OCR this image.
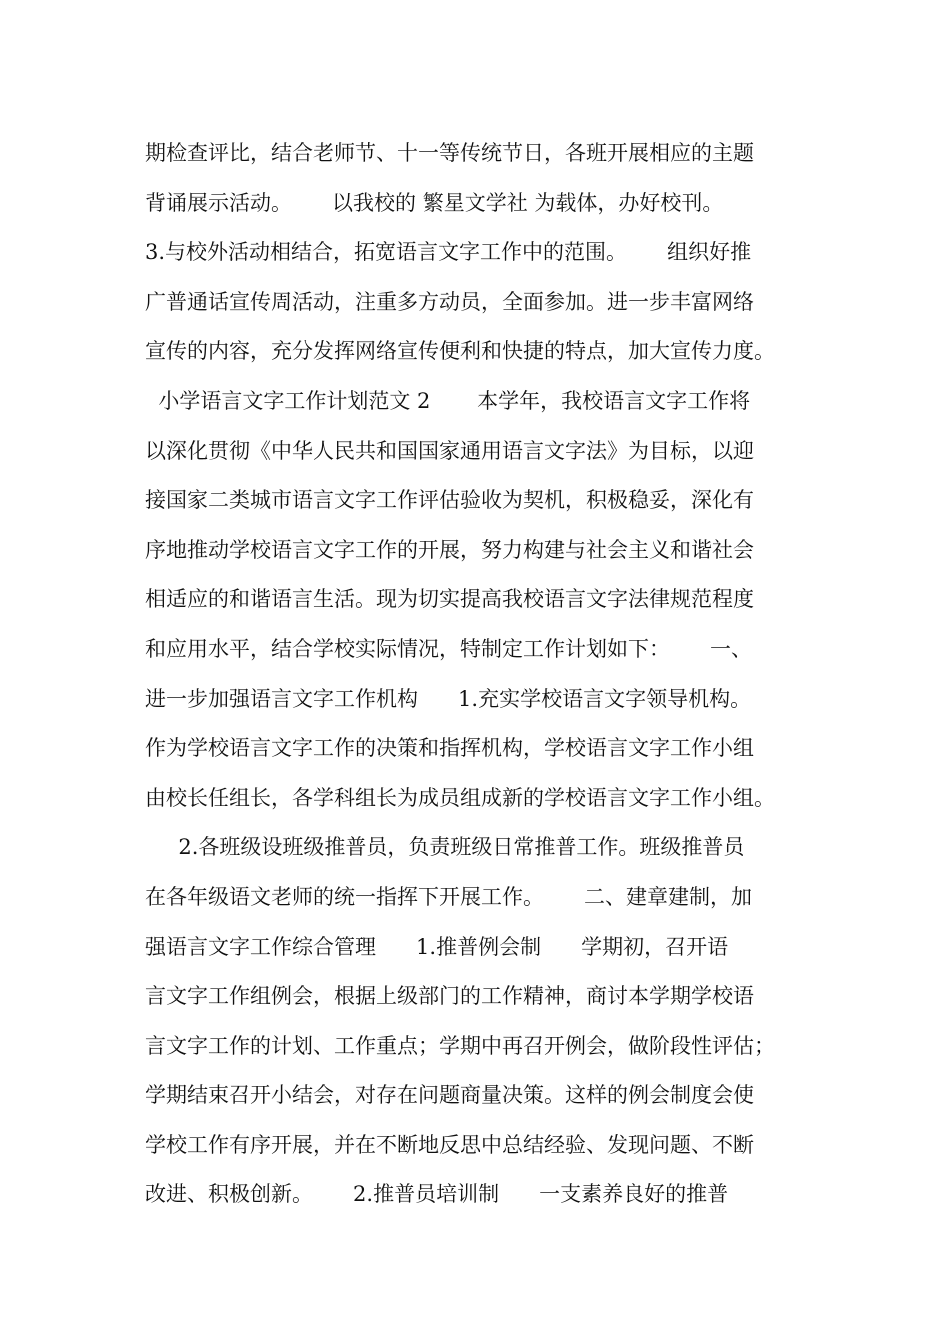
期检查评比，结合老师节、十一等传统节日，各班开展相应的主题
背诵展示活动。      以我校的 繁星文学社 为载体，办好校刊。
3.与校外活动相结合，拓宽语言文字工作中的范围。      组织好推
广普通话宣传周活动，注重多方动员，全面参加。进一步丰富网络
宣传的内容，充分发挥网络宣传便利和快捷的特点，加大宣传力度。
小学语言文字工作计划范文 2       本学年，我校语言文字工作将
以深化贯彻《中华人民共和国国家通用语言文字法》为目标，以迎
接国家二类城市语言文字工作评估验收为契机，积极稳妥，深化有
序地推动学校语言文字工作的开展，努力构建与社会主义和谐社会
相适应的和谐语言生活。现为切实提高我校语言文字法律规范程度
和应用水平，结合学校实际情况，特制定工作计划如下：      一、
进一步加强语言文字工作机构      1.充实学校语言文字领导机构。
作为学校语言文字工作的决策和指挥机构，学校语言文字工作小组
由校长任组长，各学科组长为成员组成新的学校语言文字工作小组。
2.各班级设班级推普员，负责班级日常推普工作。班级推普员
在各年级语文老师的统一指挥下开展工作。      二、建章建制，加
强语言文字工作综合管理      1.推普例会制      学期初，召开语
言文字工作组例会，根据上级部门的工作精神，商讨本学期学校语
言文字工作的计划、工作重点；学期中再召开例会，做阶段性评估；
学期结束召开小结会，对存在问题商量决策。这样的例会制度会使
学校工作有序开展，并在不断地反思中总结经验、发现问题、不断
改进、积极创新。      2.推普员培训制      一支素养良好的推普
